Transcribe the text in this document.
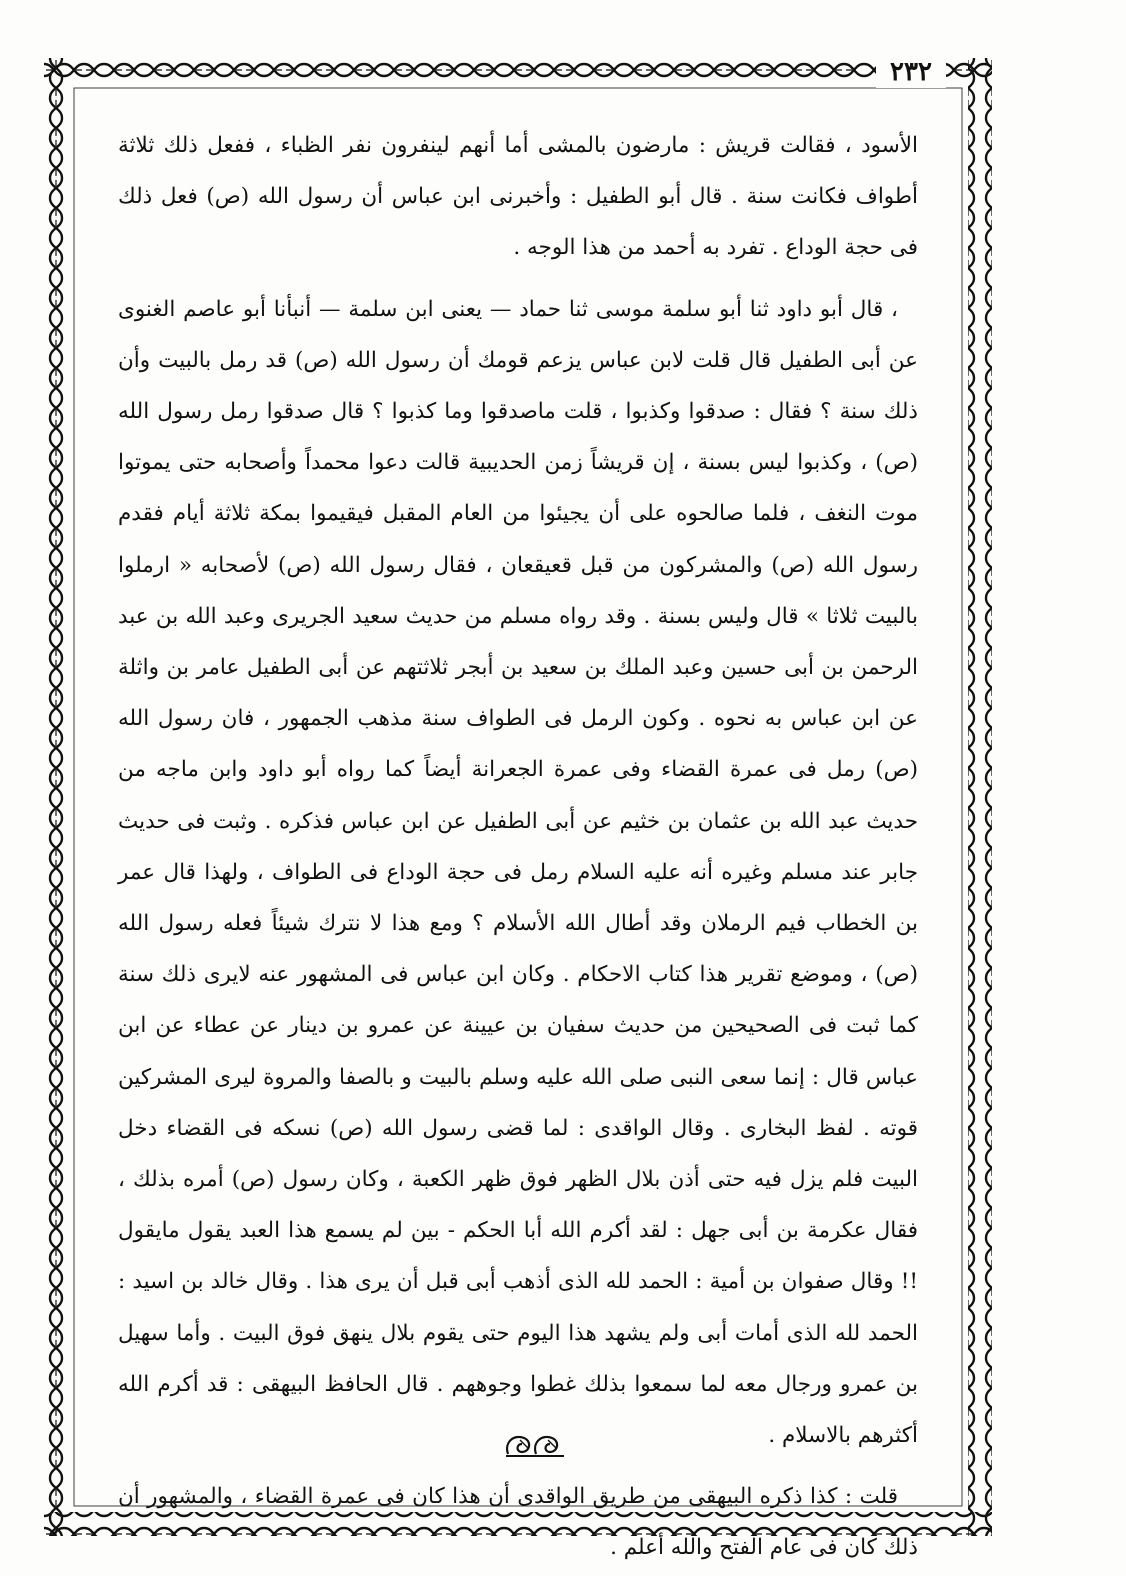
٢٣٢

الأسود ، فقالت قريش : مارضون بالمشى أما أنهم لينفرون نفر الظباء ، ففعل ذلك ثلاثة أطواف فكانت سنة . قال أبو الطفيل : وأخبرنى ابن عباس أن رسول الله (ص) فعل ذلك فى حجة الوداع . تفرد به أحمد من هذا الوجه .

، قال أبو داود ثنا أبو سلمة موسى ثنا حماد — يعنى ابن سلمة — أنبأنا أبو عاصم الغنوى عن أبى الطفيل قال قلت لابن عباس يزعم قومك أن رسول الله (ص) قد رمل بالبيت وأن ذلك سنة ؟ فقال : صدقوا وكذبوا ، قلت ماصدقوا وما كذبوا ؟ قال صدقوا رمل رسول الله (ص) ، وكذبوا ليس بسنة ، إن قريشاً زمن الحديبية قالت دعوا محمداً وأصحابه حتى يموتوا موت النغف ، فلما صالحوه على أن يجيئوا من العام المقبل فيقيموا بمكة ثلاثة أيام فقدم رسول الله (ص) والمشركون من قبل قعيقعان ، فقال رسول الله (ص) لأصحابه « ارملوا بالبيت ثلاثا » قال وليس بسنة . وقد رواه مسلم من حديث سعيد الجريرى وعبد الله بن عبد الرحمن بن أبى حسين وعبد الملك بن سعيد بن أبجر ثلاثتهم عن أبى الطفيل عامر بن واثلة عن ابن عباس به نحوه . وكون الرمل فى الطواف سنة مذهب الجمهور ، فان رسول الله (ص) رمل فى عمرة القضاء وفى عمرة الجعرانة أيضاً كما رواه أبو داود وابن ماجه من حديث عبد الله بن عثمان بن خثيم عن أبى الطفيل عن ابن عباس فذكره . وثبت فى حديث جابر عند مسلم وغيره أنه عليه السلام رمل فى حجة الوداع فى الطواف ، ولهذا قال عمر بن الخطاب فيم الرملان وقد أطال الله الأسلام ؟ ومع هذا لا نترك شيئاً فعله رسول الله (ص) ، وموضع تقرير هذا كتاب الاحكام . وكان ابن عباس فى المشهور عنه لايرى ذلك سنة كما ثبت فى الصحيحين من حديث سفيان بن عيينة عن عمرو بن دينار عن عطاء عن ابن عباس قال : إنما سعى النبى صلى الله عليه وسلم بالبيت و بالصفا والمروة ليرى المشركين قوته . لفظ البخارى . وقال الواقدى : لما قضى رسول الله (ص) نسكه فى القضاء دخل البيت فلم يزل فيه حتى أذن بلال الظهر فوق ظهر الكعبة ، وكان رسول (ص) أمره بذلك ، فقال عكرمة بن أبى جهل : لقد أكرم الله أبا الحكم - بين لم يسمع هذا العبد يقول مايقول !! وقال صفوان بن أمية : الحمد لله الذى أذهب أبى قبل أن يرى هذا . وقال خالد بن اسيد : الحمد لله الذى أمات أبى ولم يشهد هذا اليوم حتى يقوم بلال ينهق فوق البيت . وأما سهيل بن عمرو ورجال معه لما سمعوا بذلك غطوا وجوههم . قال الحافظ البيهقى : قد أكرم الله أكثرهم بالاسلام .

قلت : كذا ذكره البيهقى من طريق الواقدى أن هذا كان فى عمرة القضاء ، والمشهور أن ذلك كان فى عام الفتح والله أعلم .
